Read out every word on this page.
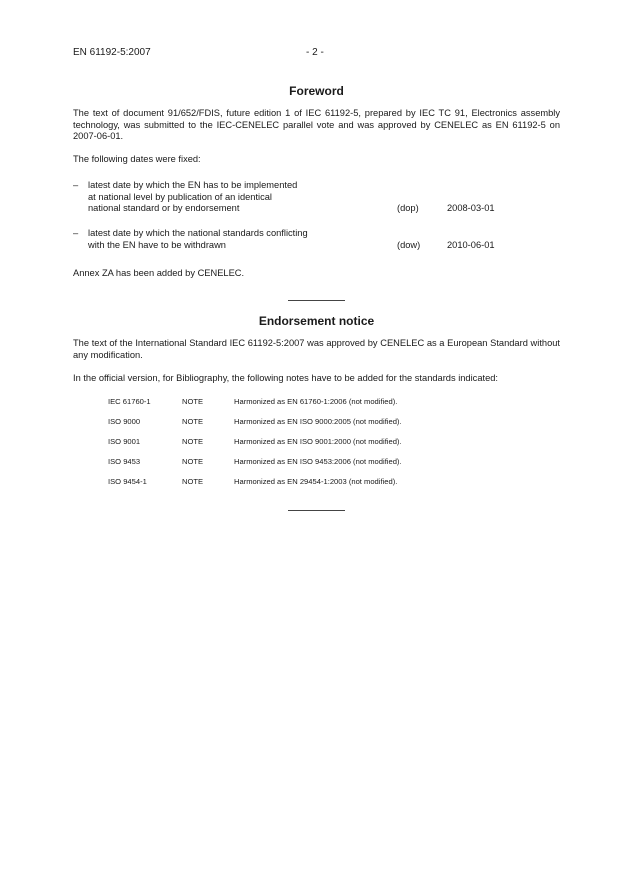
EN 61192-5:2007	- 2 -
Foreword
The text of document 91/652/FDIS, future edition 1 of IEC 61192-5, prepared by IEC TC 91, Electronics assembly technology, was submitted to the IEC-CENELEC parallel vote and was approved by CENELEC as EN 61192-5 on 2007-06-01.
The following dates were fixed:
– latest date by which the EN has to be implemented
at national level by publication of an identical
national standard or by endorsement	(dop)	2008-03-01
– latest date by which the national standards conflicting
with the EN have to be withdrawn	(dow)	2010-06-01
Annex ZA has been added by CENELEC.
Endorsement notice
The text of the International Standard IEC 61192-5:2007 was approved by CENELEC as a European Standard without any modification.
In the official version, for Bibliography, the following notes have to be added for the standards indicated:
IEC 61760-1	NOTE	Harmonized as EN 61760-1:2006 (not modified).
ISO 9000	NOTE	Harmonized as EN ISO 9000:2005 (not modified).
ISO 9001	NOTE	Harmonized as EN ISO 9001:2000 (not modified).
ISO 9453	NOTE	Harmonized as EN ISO 9453:2006 (not modified).
ISO 9454-1	NOTE	Harmonized as EN 29454-1:2003 (not modified).
